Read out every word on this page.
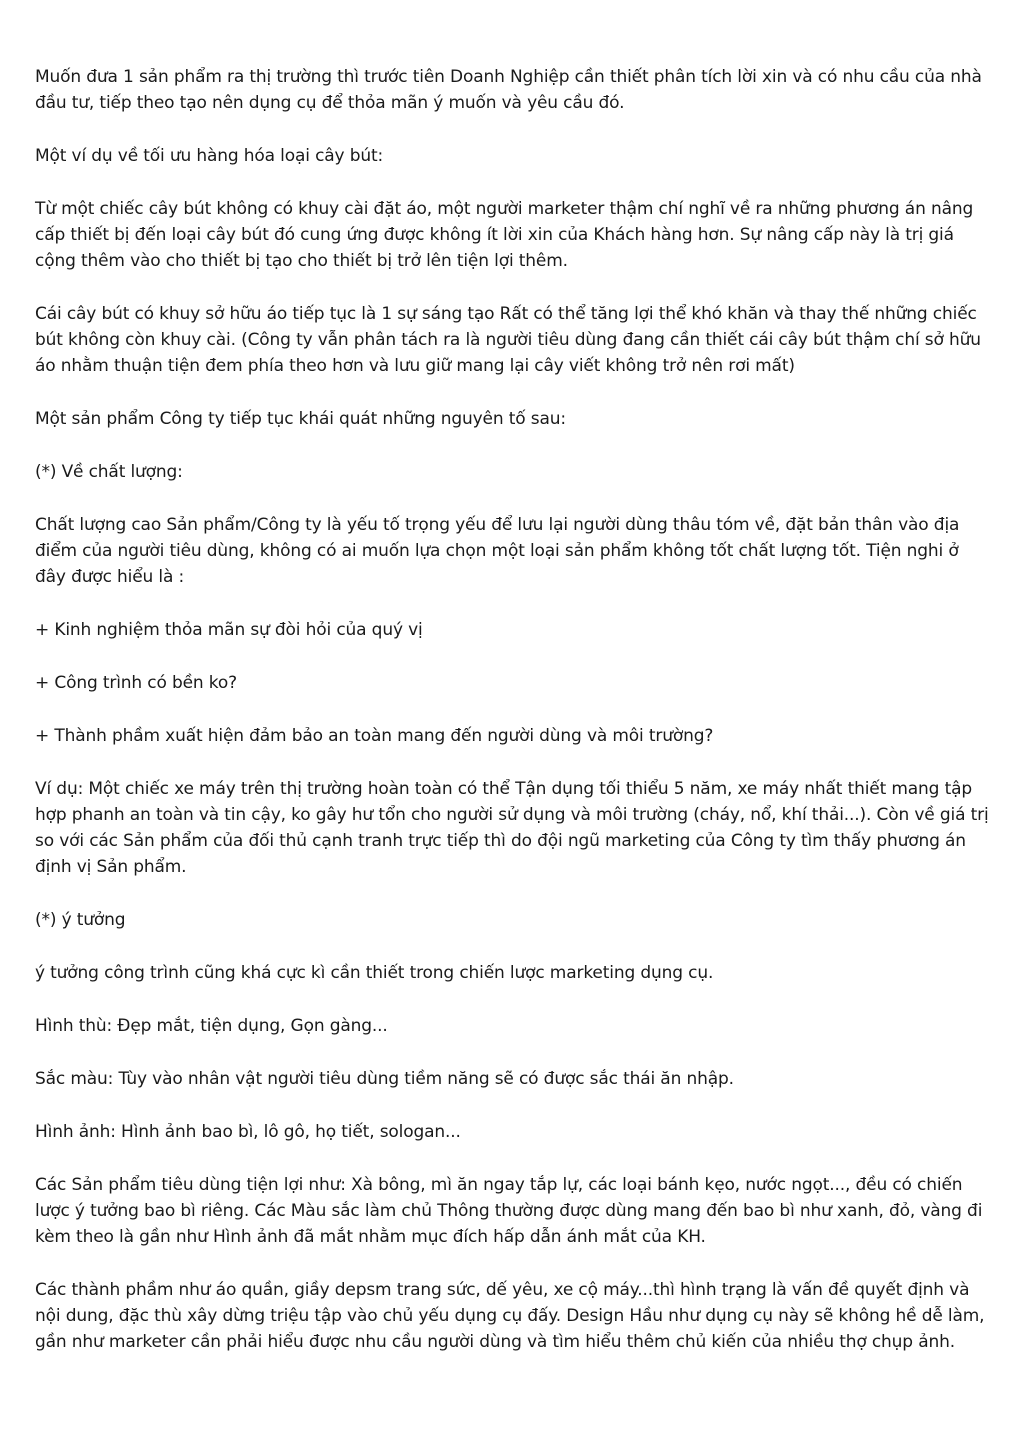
Muốn đưa 1 sản phẩm ra thị trường thì trước tiên Doanh Nghiệp cần thiết phân tích lời xin và có nhu cầu của nhà đầu tư, tiếp theo tạo nên dụng cụ để thỏa mãn ý muốn và yêu cầu đó.

Một ví dụ về tối ưu hàng hóa loại cây bút:

Từ một chiếc cây bút không có khuy cài đặt áo, một người marketer thậm chí nghĩ về ra những phương án nâng cấp thiết bị đến loại cây bút đó cung ứng được không ít lời xin của Khách hàng hơn. Sự nâng cấp này là trị giá cộng thêm vào cho thiết bị tạo cho thiết bị trở lên tiện lợi thêm.

Cái cây bút có khuy sở hữu áo tiếp tục là 1 sự sáng tạo Rất có thể tăng lợi thể khó khăn và thay thế những chiếc bút không còn khuy cài. (Công ty vẫn phân tách ra là người tiêu dùng đang cần thiết cái cây bút thậm chí sở hữu áo nhằm thuận tiện đem phía theo hơn và lưu giữ mang lại cây viết không trở nên rơi mất)

Một sản phẩm Công ty tiếp tục khái quát những nguyên tố sau:

(*) Về chất lượng:

Chất lượng cao Sản phẩm/Công ty là yếu tố trọng yếu để lưu lại người dùng thâu tóm về, đặt bản thân vào địa điểm của người tiêu dùng, không có ai muốn lựa chọn một loại sản phẩm không tốt chất lượng tốt. Tiện nghi ở đây được hiểu là :

+ Kinh nghiệm thỏa mãn sự đòi hỏi của quý vị

+ Công trình có bền ko?

+ Thành phầm xuất hiện đảm bảo an toàn mang đến người dùng và môi trường?

Ví dụ: Một chiếc xe máy trên thị trường hoàn toàn có thể Tận dụng tối thiểu 5 năm, xe máy nhất thiết mang tập hợp phanh an toàn và tin cậy, ko gây hư tổn cho người sử dụng và môi trường (cháy, nổ, khí thải...). Còn về giá trị so với các Sản phẩm của đối thủ cạnh tranh trực tiếp thì do đội ngũ marketing của Công ty tìm thấy phương án định vị Sản phẩm.

(*) ý tưởng

ý tưởng công trình cũng khá cực kì cần thiết trong chiến lược marketing dụng cụ.

Hình thù: Đẹp mắt, tiện dụng, Gọn gàng...

Sắc màu: Tùy vào nhân vật người tiêu dùng tiềm năng sẽ có được sắc thái ăn nhập.

Hình ảnh: Hình ảnh bao bì, lô gô, họ tiết, sologan...

Các Sản phẩm tiêu dùng tiện lợi như: Xà bông, mì ăn ngay tắp lự, các loại bánh kẹo, nước ngọt..., đều có chiến lược ý tưởng bao bì riêng. Các Màu sắc làm chủ Thông thường được dùng mang đến bao bì như xanh, đỏ, vàng đi kèm theo là gần như Hình ảnh đã mắt nhằm mục đích hấp dẫn ánh mắt của KH.

Các thành phầm như áo quần, giầy depsm trang sức, dế yêu, xe cộ máy...thì hình trạng là vấn đề quyết định và nội dung, đặc thù xây dừng triệu tập vào chủ yếu dụng cụ đấy. Design Hầu như dụng cụ này sẽ không hề dễ làm, gần như marketer cần phải hiểu được nhu cầu người dùng và tìm hiểu thêm chủ kiến của nhiều thợ chụp ảnh.
